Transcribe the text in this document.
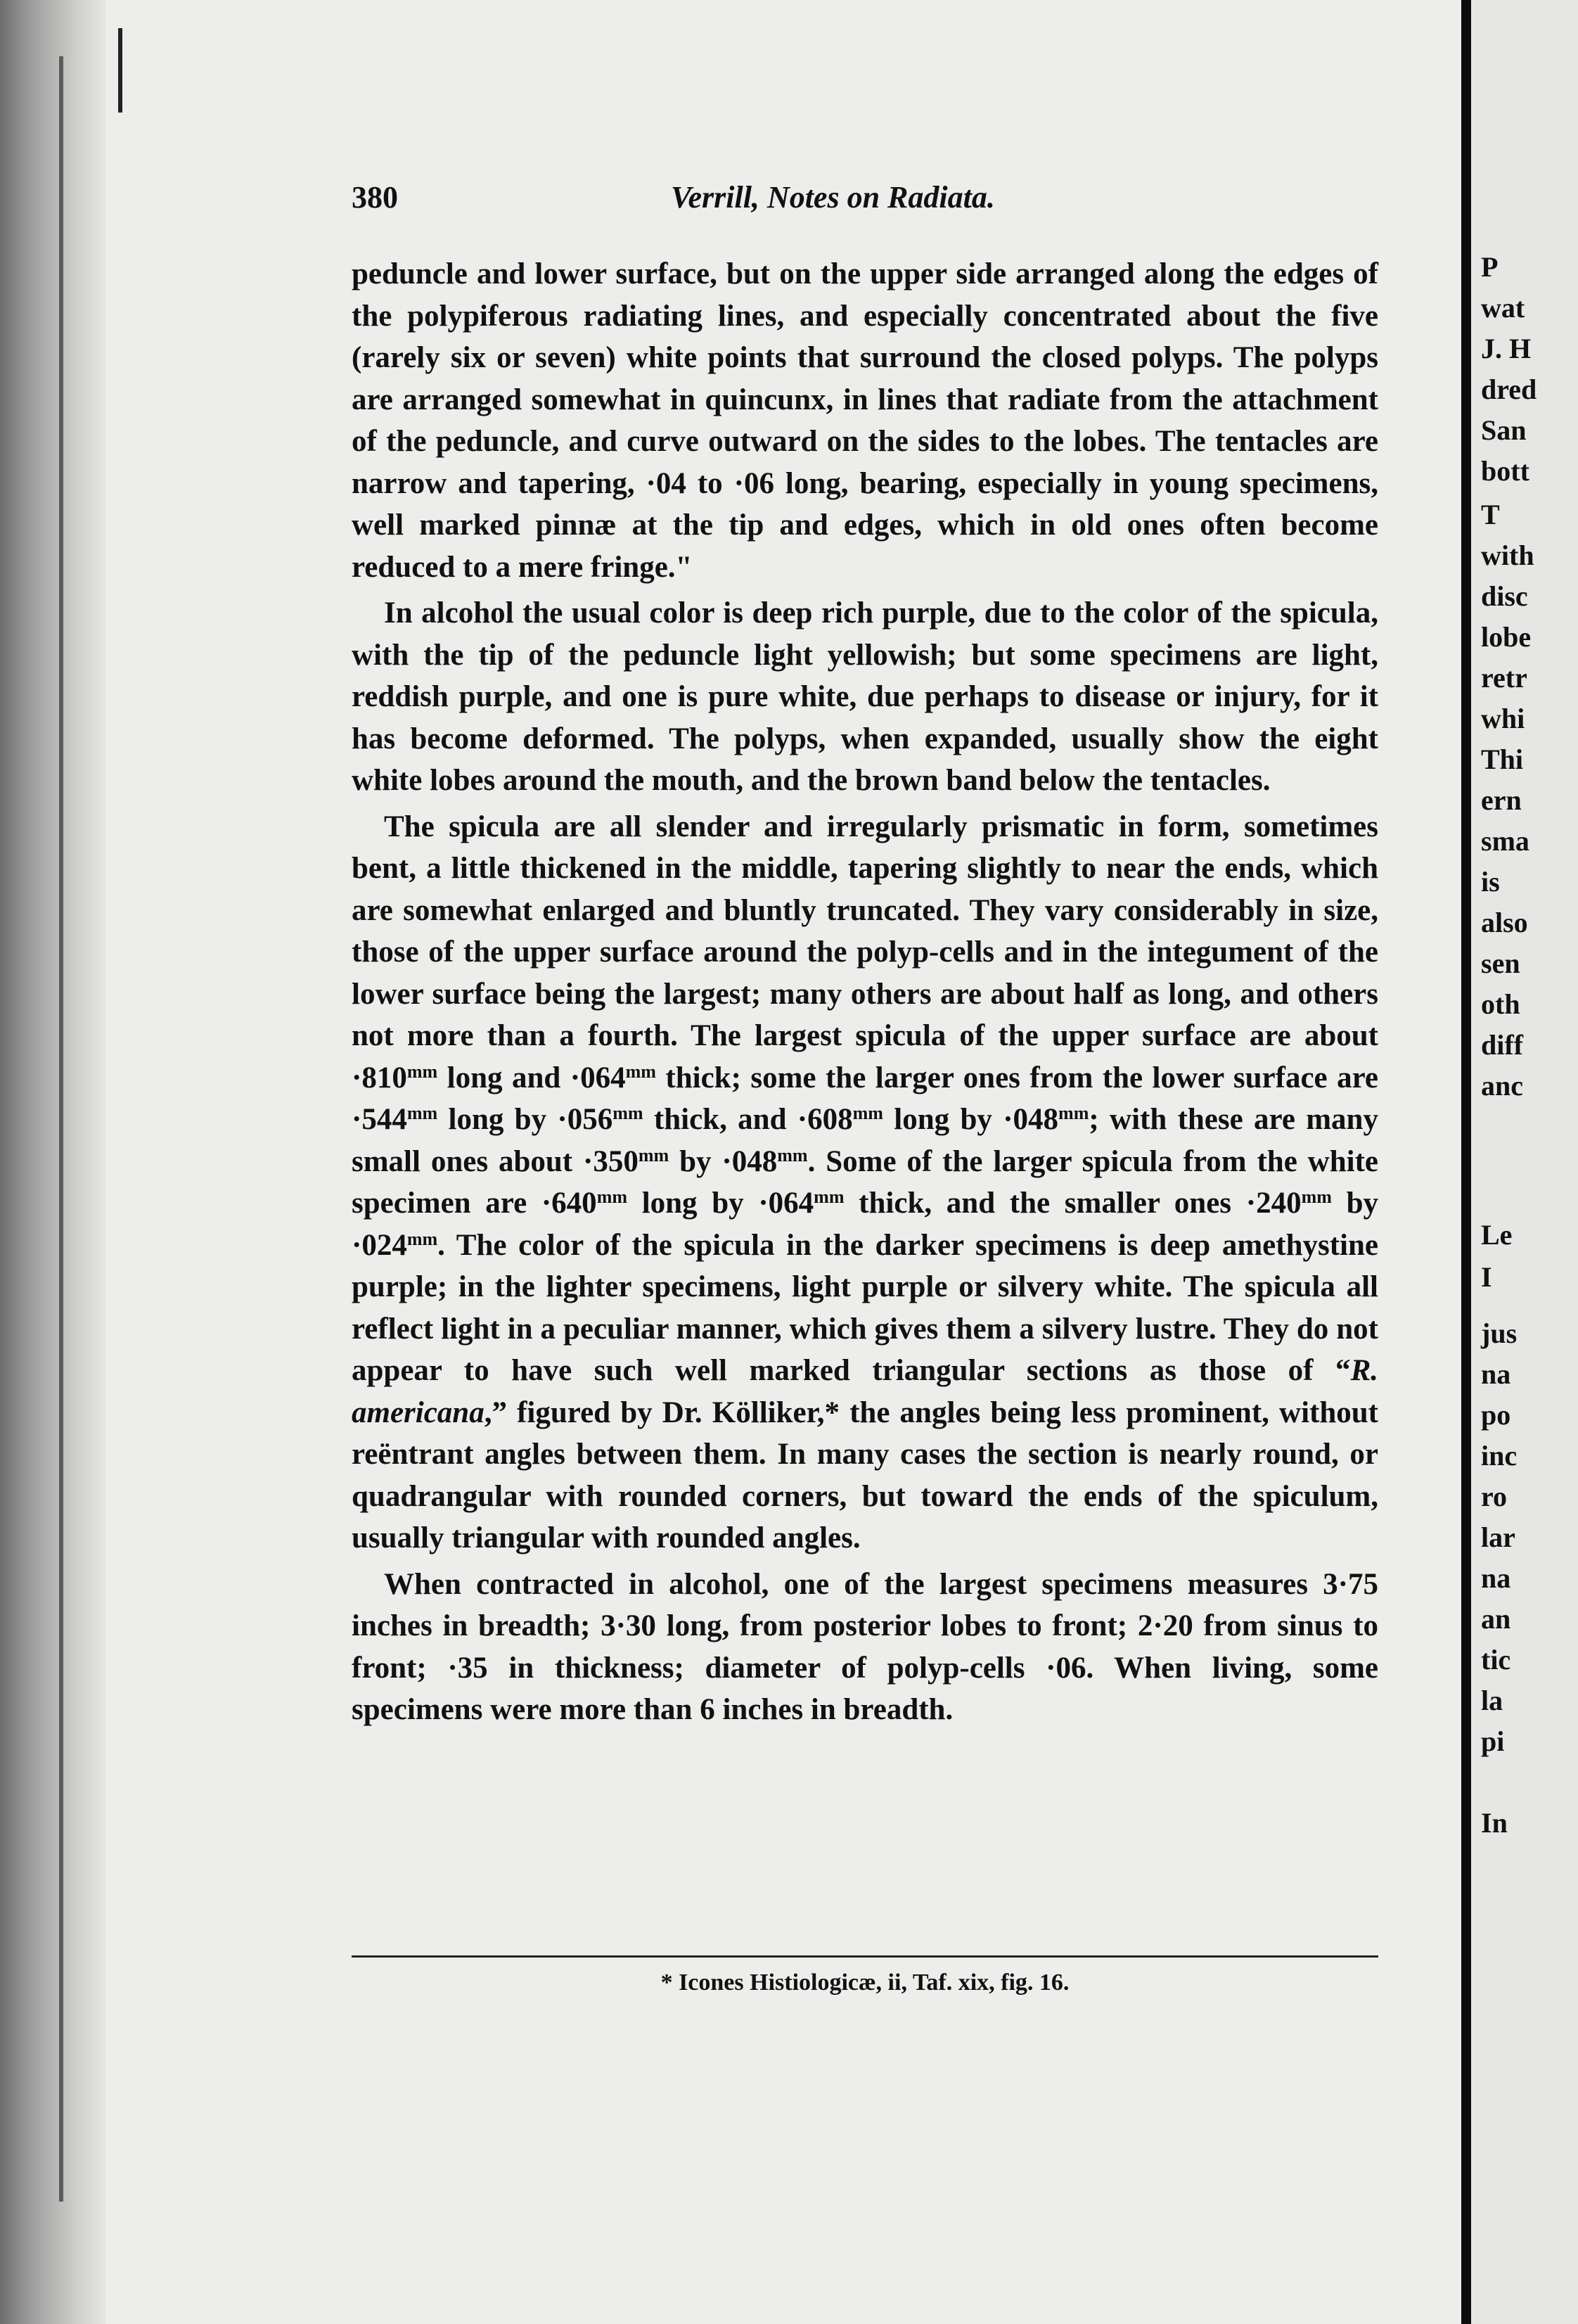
380	Verrill, Notes on Radiata.

peduncle and lower surface, but on the upper side arranged along the edges of the polypiferous radiating lines, and especially concentrated about the five (rarely six or seven) white points that surround the closed polyps. The polyps are arranged somewhat in quincunx, in lines that radiate from the attachment of the peduncle, and curve outward on the sides to the lobes. The tentacles are narrow and tapering, ·04 to ·06 long, bearing, especially in young specimens, well marked pinnæ at the tip and edges, which in old ones often become reduced to a mere fringe."

In alcohol the usual color is deep rich purple, due to the color of the spicula, with the tip of the peduncle light yellowish; but some specimens are light, reddish purple, and one is pure white, due perhaps to disease or injury, for it has become deformed. The polyps, when expanded, usually show the eight white lobes around the mouth, and the brown band below the tentacles.

The spicula are all slender and irregularly prismatic in form, sometimes bent, a little thickened in the middle, tapering slightly to near the ends, which are somewhat enlarged and bluntly truncated. They vary considerably in size, those of the upper surface around the polyp-cells and in the integument of the lower surface being the largest; many others are about half as long, and others not more than a fourth. The largest spicula of the upper surface are about $\cdot 810^{mm}$ long and $\cdot 064^{mm}$ thick; some the larger ones from the lower surface are $\cdot 544^{mm}$ long by $\cdot 056^{mm}$ thick, and $\cdot 608^{mm}$ long by $\cdot 048^{mm}$; with these are many small ones about $\cdot 350^{mm}$ by $\cdot 048^{mm}$. Some of the larger spicula from the white specimen are $\cdot 640^{mm}$ long by $\cdot 064^{mm}$ thick, and the smaller ones $\cdot 240^{mm}$ by $\cdot 024^{mm}$. The color of the spicula in the darker specimens is deep amethystine purple; in the lighter specimens, light purple or silvery white. The spicula all reflect light in a peculiar manner, which gives them a silvery lustre. They do not appear to have such well marked triangular sections as those of “R. americana,” figured by Dr. Kölliker,* the angles being less prominent, without reëntrant angles between them. In many cases the section is nearly round, or quadrangular with rounded corners, but toward the ends of the spiculum, usually triangular with rounded angles.

When contracted in alcohol, one of the largest specimens measures 3·75 inches in breadth; 3·30 long, from posterior lobes to front; 2·20 from sinus to front; ·35 in thickness; diameter of polyp-cells ·06. When living, some specimens were more than 6 inches in breadth.

* Icones Histiologicæ, ii, Taf. xix, fig. 16.

P

wat

J. H

dred

San

bott

T

with

disc

lobe

retr

whi

Thi

ern

sma

is

also

sen

oth

diff

anc

Le

I

jus

na

po

inc

ro

lar

na

an

tic

la

pi

In
